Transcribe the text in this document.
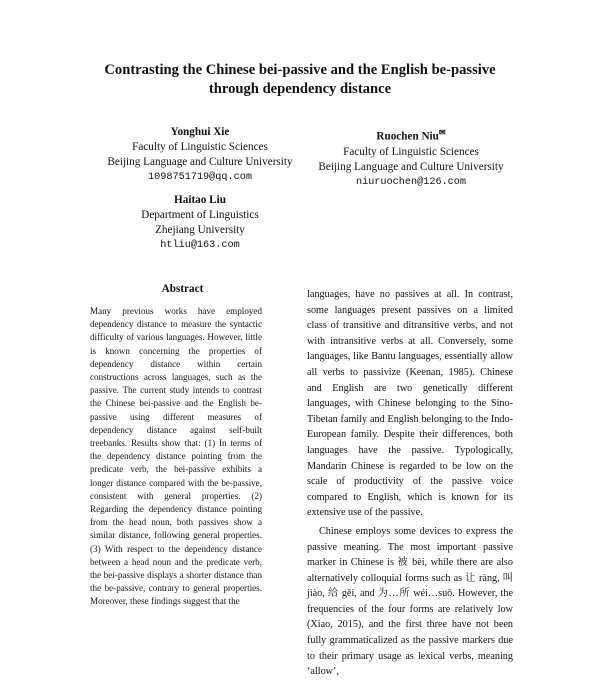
Contrasting the Chinese bei-passive and the English be-passive
through dependency distance
Yonghui Xie
Faculty of Linguistic Sciences
Beijing Language and Culture University
1098751719@qq.com
Ruochen Niu✉
Faculty of Linguistic Sciences
Beijing Language and Culture University
niuruochen@126.com
Haitao Liu
Department of Linguistics
Zhejiang University
htliu@163.com
Abstract
Many previous works have employed dependency distance to measure the syntactic difficulty of various languages. However, little is known concerning the properties of dependency distance within certain constructions across languages, such as the passive. The current study intends to contrast the Chinese bei-passive and the English be-passive using different measures of dependency distance against self-built treebanks. Results show that: (1) In terms of the dependency distance pointing from the predicate verb, the bei-passive exhibits a longer distance compared with the be-passive, consistent with general properties. (2) Regarding the dependency distance pointing from the head noun, both passives show a similar distance, following general properties. (3) With respect to the dependency distance between a head noun and the predicate verb, the bei-passive displays a shorter distance than the be-passive, contrary to general properties. Moreover, these findings suggest that the

languages, have no passives at all. In contrast, some languages present passives on a limited class of transitive and ditransitive verbs, and not with intransitive verbs at all. Conversely, some languages, like Bantu languages, essentially allow all verbs to passivize (Keenan, 1985). Chinese and English are two genetically different languages, with Chinese belonging to the Sino-Tibetan family and English belonging to the Indo-European family. Despite their differences, both languages have the passive. Typologically, Mandarin Chinese is regarded to be low on the scale of productivity of the passive voice compared to English, which is known for its extensive use of the passive.

Chinese employs some devices to express the passive meaning. The most important passive marker in Chinese is 被 bèi, while there are also alternatively colloquial forms such as 让 ràng, 叫 jiào, 给 gěi, and 为…所 wéi…suǒ. However, the frequencies of the four forms are relatively low (Xiao, 2015), and the first three have not been fully grammaticalized as the passive markers due to their primary usage as lexical verbs, meaning ‘allow’,
